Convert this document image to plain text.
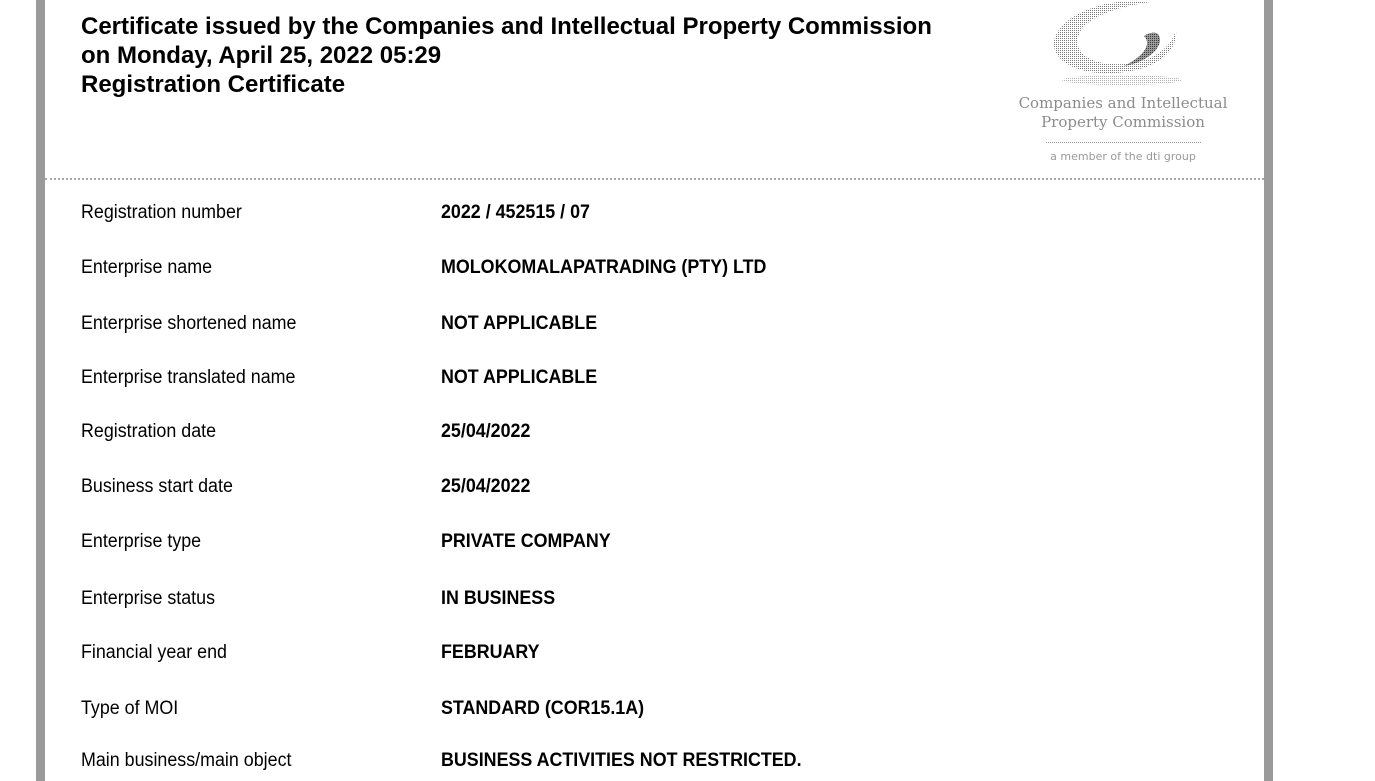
Certificate issued by the Companies and Intellectual Property Commission
on Monday, April 25, 2022 05:29
Registration Certificate
Companies and Intellectual
Property Commission
a member of the dti group
Registration number	2022 / 452515 / 07
Enterprise name	MOLOKOMALAPATRADING (PTY) LTD
Enterprise shortened name	NOT APPLICABLE
Enterprise translated name	NOT APPLICABLE
Registration date	25/04/2022
Business start date	25/04/2022
Enterprise type	PRIVATE COMPANY
Enterprise status	IN BUSINESS
Financial year end	FEBRUARY
Type of MOI	STANDARD (COR15.1A)
Main business/main object	BUSINESS ACTIVITIES NOT RESTRICTED.
